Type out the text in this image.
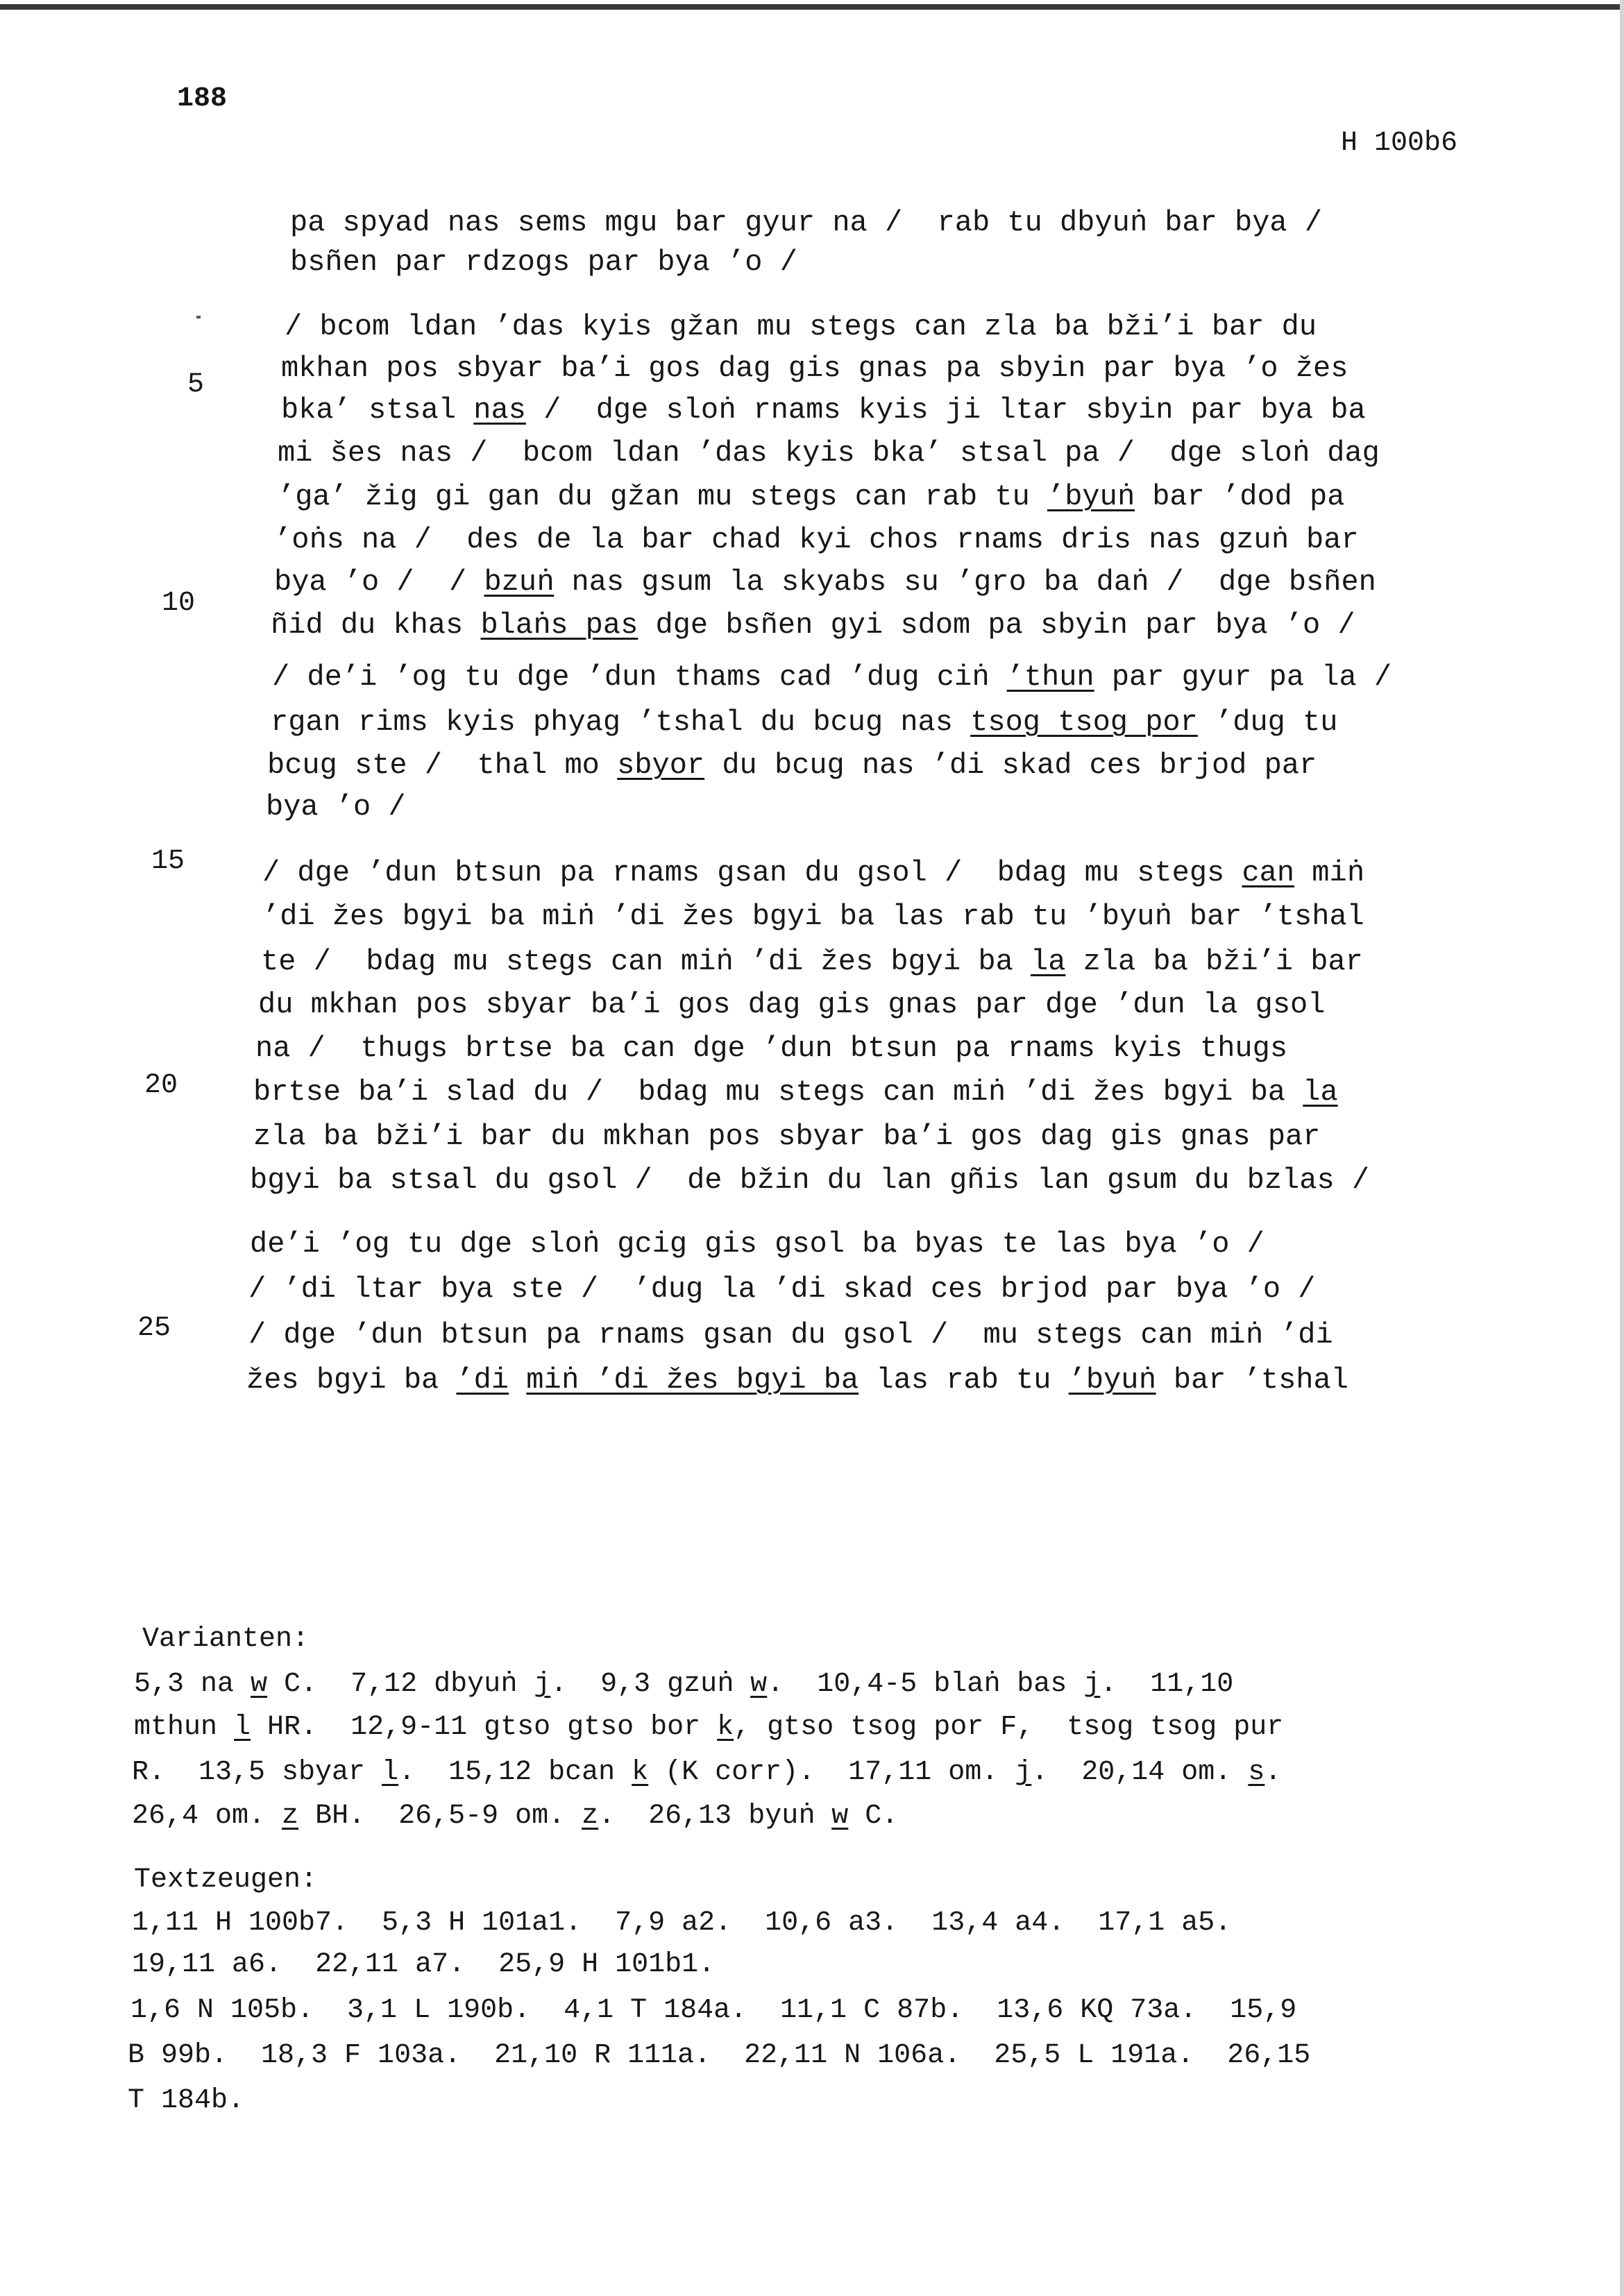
188
H 100b6
pa spyad nas sems mgu bar gyur na /  rab tu dbyuṅ bar bya /
bsñen par rdzogs par bya ’o /
/ bcom ldan ’das kyis gžan mu stegs can zla ba bži’i bar du
mkhan pos sbyar ba’i gos dag gis gnas pa sbyin par bya ’o žes
bka’ stsal nas /  dge sloṅ rnams kyis ji ltar sbyin par bya ba
mi šes nas /  bcom ldan ’das kyis bka’ stsal pa /  dge sloṅ dag
’ga’ žig gi gan du gžan mu stegs can rab tu ’byuṅ bar ’dod pa
’oṅs na /  des de la bar chad kyi chos rnams dris nas gzuṅ bar
bya ’o /  / bzuṅ nas gsum la skyabs su ’gro ba daṅ /  dge bsñen
ñid du khas blaṅs pas dge bsñen gyi sdom pa sbyin par bya ’o /
/ de’i ’og tu dge ’dun thams cad ’dug ciṅ ’thun par gyur pa la /
rgan rims kyis phyag ’tshal du bcug nas tsog tsog por ’dug tu
bcug ste /  thal mo sbyor du bcug nas ’di skad ces brjod par
bya ’o /
/ dge ’dun btsun pa rnams gsan du gsol /  bdag mu stegs can miṅ
’di žes bgyi ba miṅ ’di žes bgyi ba las rab tu ’byuṅ bar ’tshal
te /  bdag mu stegs can miṅ ’di žes bgyi ba la zla ba bži’i bar
du mkhan pos sbyar ba’i gos dag gis gnas par dge ’dun la gsol
na /  thugs brtse ba can dge ’dun btsun pa rnams kyis thugs
brtse ba’i slad du /  bdag mu stegs can miṅ ’di žes bgyi ba la
zla ba bži’i bar du mkhan pos sbyar ba’i gos dag gis gnas par
bgyi ba stsal du gsol /  de bžin du lan gñis lan gsum du bzlas /
de’i ’og tu dge sloṅ gcig gis gsol ba byas te las bya ’o /
/ ’di ltar bya ste /  ’dug la ’di skad ces brjod par bya ’o /
/ dge ’dun btsun pa rnams gsan du gsol /  mu stegs can miṅ ’di
žes bgyi ba ’di miṅ ’di žes bgyi ba las rab tu ’byuṅ bar ’tshal
5
10
15
20
25
Varianten:
5,3 na w C.  7,12 dbyuṅ j.  9,3 gzuṅ w.  10,4-5 blaṅ bas j.  11,10
mthun l HR.  12,9-11 gtso gtso bor k, gtso tsog por F,  tsog tsog pur
R.  13,5 sbyar l.  15,12 bcan k (K corr).  17,11 om. j.  20,14 om. s.
26,4 om. z BH.  26,5-9 om. z.  26,13 byuṅ w C.
Textzeugen:
1,11 H 100b7.  5,3 H 101a1.  7,9 a2.  10,6 a3.  13,4 a4.  17,1 a5.
19,11 a6.  22,11 a7.  25,9 H 101b1.
1,6 N 105b.  3,1 L 190b.  4,1 T 184a.  11,1 C 87b.  13,6 KQ 73a.  15,9
B 99b.  18,3 F 103a.  21,10 R 111a.  22,11 N 106a.  25,5 L 191a.  26,15
T 184b.
